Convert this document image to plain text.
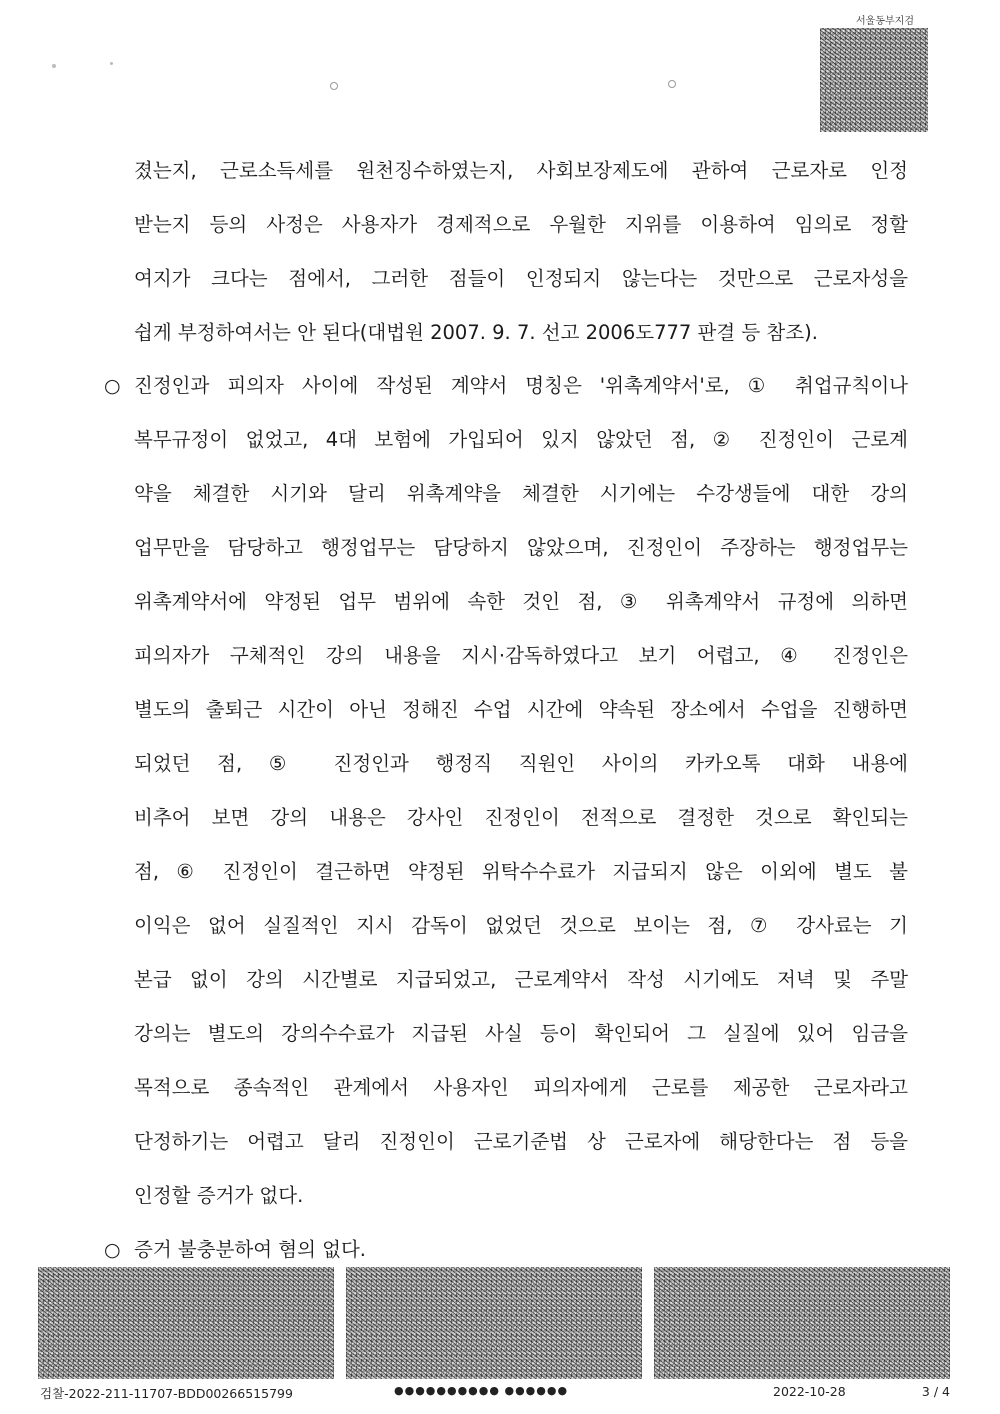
서울동부지검
졌는지, 근로소득세를 원천징수하였는지, 사회보장제도에 관하여 근로자로 인정
받는지 등의 사정은 사용자가 경제적으로 우월한 지위를 이용하여 임의로 정할
여지가 크다는 점에서, 그러한 점들이 인정되지 않는다는 것만으로 근로자성을
쉽게 부정하여서는 안 된다(대법원 2007. 9. 7. 선고 2006도777 판결 등 참조).
○ 진정인과 피의자 사이에 작성된 계약서 명칭은 '위촉계약서'로, ① 취업규칙이나
복무규정이 없었고, 4대 보험에 가입되어 있지 않았던 점, ② 진정인이 근로계
약을 체결한 시기와 달리 위촉계약을 체결한 시기에는 수강생들에 대한 강의
업무만을 담당하고 행정업무는 담당하지 않았으며, 진정인이 주장하는 행정업무는
위촉계약서에 약정된 업무 범위에 속한 것인 점, ③ 위촉계약서 규정에 의하면
피의자가 구체적인 강의 내용을 지시·감독하였다고 보기 어렵고, ④ 진정인은
별도의 출퇴근 시간이 아닌 정해진 수업 시간에 약속된 장소에서 수업을 진행하면
되었던 점, ⑤ 진정인과 행정직 직원인 사이의 카카오톡 대화 내용에
비추어 보면 강의 내용은 강사인 진정인이 전적으로 결정한 것으로 확인되는
점, ⑥ 진정인이 결근하면 약정된 위탁수수료가 지급되지 않은 이외에 별도 불
이익은 없어 실질적인 지시 감독이 없었던 것으로 보이는 점, ⑦ 강사료는 기
본급 없이 강의 시간별로 지급되었고, 근로계약서 작성 시기에도 저녁 및 주말
강의는 별도의 강의수수료가 지급된 사실 등이 확인되어 그 실질에 있어 임금을
목적으로 종속적인 관계에서 사용자인 피의자에게 근로를 제공한 근로자라고
단정하기는 어렵고 달리 진정인이 근로기준법 상 근로자에 해당한다는 점 등을
인정할 증거가 없다.
○ 증거 불충분하여 혐의 없다.
검찰-2022-211-11707-BDD00266515799	●●●●●●●●●● ●●●●●●	2022-10-28	3 / 4
